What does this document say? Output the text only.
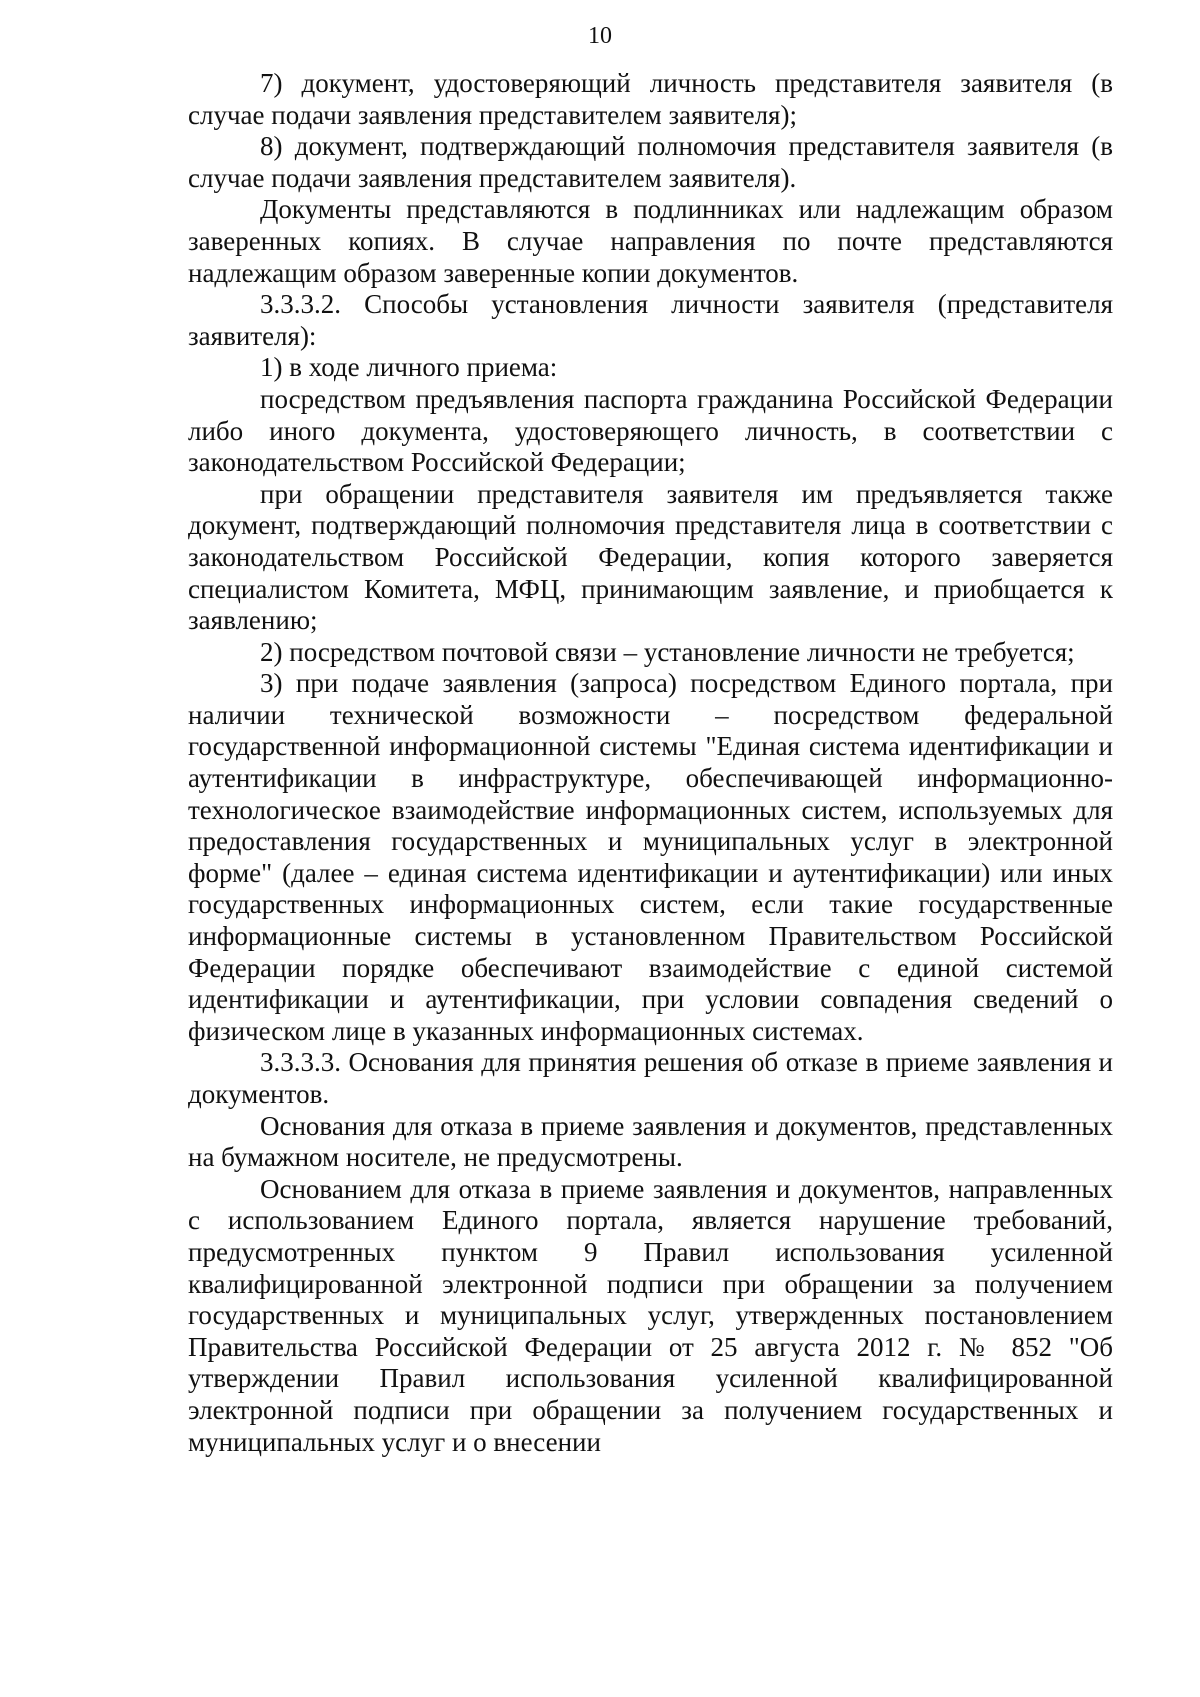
10

7) документ, удостоверяющий личность представителя заявителя (в случае подачи заявления представителем заявителя);

8) документ, подтверждающий полномочия представителя заявителя (в случае подачи заявления представителем заявителя).

Документы представляются в подлинниках или надлежащим образом заверенных копиях. В случае направления по почте представляются надлежащим образом заверенные копии документов.

3.3.3.2. Способы установления личности заявителя (представителя заявителя):

1) в ходе личного приема:

посредством предъявления паспорта гражданина Российской Федерации либо иного документа, удостоверяющего личность, в соответствии с законодательством Российской Федерации;

при обращении представителя заявителя им предъявляется также документ, подтверждающий полномочия представителя лица в соответствии с законодательством Российской Федерации, копия которого заверяется специалистом Комитета, МФЦ, принимающим заявление, и приобщается к заявлению;

2) посредством почтовой связи – установление личности не требуется;

3) при подаче заявления (запроса) посредством Единого портала, при наличии технической возможности – посредством федеральной государственной информационной системы "Единая система идентификации и аутентификации в инфраструктуре, обеспечивающей информационно-технологическое взаимодействие информационных систем, используемых для предоставления государственных и муниципальных услуг в электронной форме" (далее – единая система идентификации и аутентификации) или иных государственных информационных систем, если такие государственные информационные системы в установленном Правительством Российской Федерации порядке обеспечивают взаимодействие с единой системой идентификации и аутентификации, при условии совпадения сведений о физическом лице в указанных информационных системах.

3.3.3.3. Основания для принятия решения об отказе в приеме заявления и документов.

Основания для отказа в приеме заявления и документов, представленных на бумажном носителе, не предусмотрены.

Основанием для отказа в приеме заявления и документов, направленных с использованием Единого портала, является нарушение требований, предусмотренных пунктом 9 Правил использования усиленной квалифицированной электронной подписи при обращении за получением государственных и муниципальных услуг, утвержденных постановлением Правительства Российской Федерации от 25 августа 2012 г. № 852 "Об утверждении Правил использования усиленной квалифицированной электронной подписи при обращении за получением государственных и муниципальных услуг и о внесении
